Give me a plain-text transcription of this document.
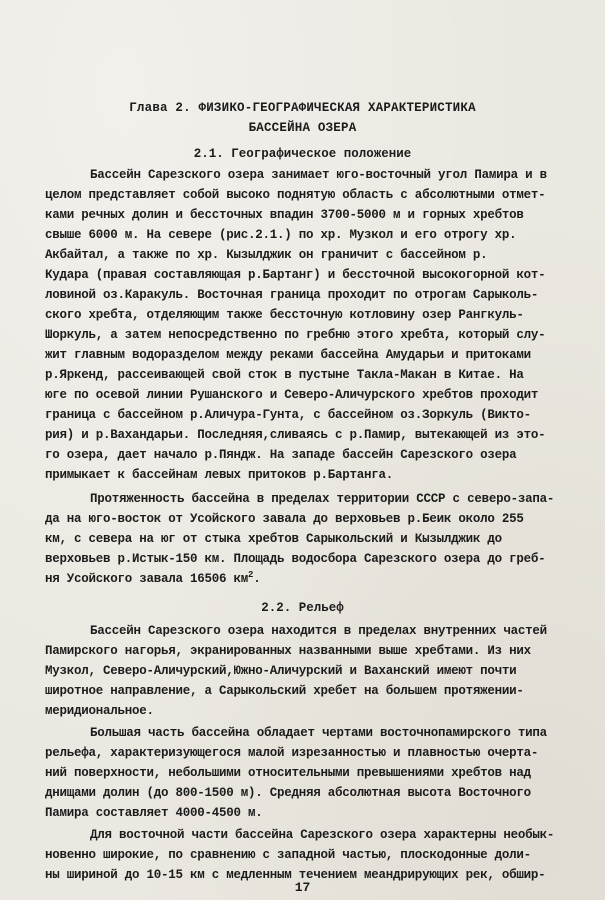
Глава 2. ФИЗИКО-ГЕОГРАФИЧЕСКАЯ ХАРАКТЕРИСТИКА
БАССЕЙНА ОЗЕРА
2.1. Географическое положение
Бассейн Сарезского озера занимает юго-восточный угол Памира и в
целом представляет собой высоко поднятую область с абсолютными отмет-
ками речных долин и бессточных впадин 3700-5000 м и горных хребтов
свыше 6000 м. На севере (рис.2.1.) по хр. Музкол и его отрогу хр.
Акбайтал, а также по хр. Кызылджик он граничит с бассейном р.
Кудара (правая составляющая р.Бартанг) и бессточной высокогорной кот-
ловиной оз.Каракуль. Восточная граница проходит по отрогам Сарыколь-
ского хребта, отделяющим также бессточную котловину озер Рангкуль-
Шоркуль, а затем непосредственно по гребню этого хребта, который слу-
жит главным водоразделом между реками бассейна Амударьи и притоками
р.Яркенд, рассеивающей свой сток в пустыне Такла-Макан в Китае. На
юге по осевой линии Рушанского и Северо-Аличурского хребтов проходит
граница с бассейном р.Аличура-Гунта, с бассейном оз.Зоркуль (Викто-
рия) и р.Вахандарьи. Последняя,сливаясь с р.Памир, вытекающей из это-
го озера, дает начало р.Пяндж. На западе бассейн Сарезского озера
примыкает к бассейнам левых притоков р.Бартанга.
Протяженность бассейна в пределах территории СССР с северо-запа-
да на юго-восток от Усойского завала до верховьев р.Беик около 255
км, с севера на юг от стыка хребтов Сарыкольский и Кызылджик до
верховьев р.Истык-150 км. Площадь водосбора Сарезского озера до греб-
ня Усойского завала 16506 $км^2$.
2.2. Рельеф
Бассейн Сарезского озера находится в пределах внутренних частей
Памирского нагорья, экранированных названными выше хребтами. Из них
Музкол, Северо-Аличурский,Южно-Аличурский и Ваханский имеют почти
широтное направление, а Сарыкольский хребет на большем протяжении-
меридиональное.
Большая часть бассейна обладает чертами восточнопамирского типа
рельефа, характеризующегося малой изрезанностью и плавностью очерта-
ний поверхности, небольшими относительными превышениями хребтов над
днищами долин (до 800-1500 м). Средняя абсолютная высота Восточного
Памира составляет 4000-4500 м.
Для восточной части бассейна Сарезского озера характерны необык-
новенно широкие, по сравнению с западной частью, плоскодонные доли-
ны шириной до 10-15 км с медленным течением меандрирующих рек, обшир-
17
